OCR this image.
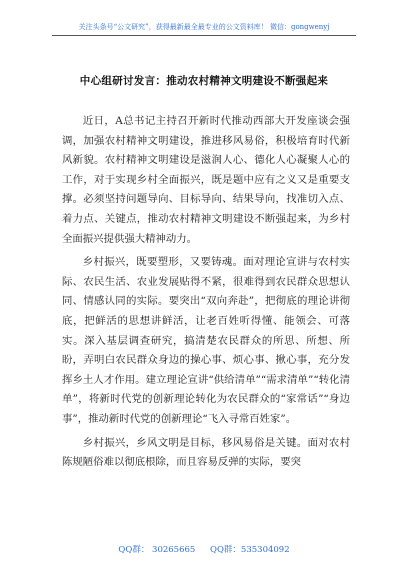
关注头条号“公文研究”，获得最新最全最专业的公文资料库！ 微信：gongwenyj
中心组研讨发言：推动农村精神文明建设不断强起来

近日，A总书记主持召开新时代推动西部大开发座谈会强调，加强农村精神文明建设，推进移风易俗，积极培育时代新风新貌。农村精神文明建设是滋润人心、德化人心凝聚人心的工作，对于实现乡村全面振兴，既是题中应有之义又是重要支撑。必须坚持问题导向、目标导向、结果导向，找准切入点、着力点、关键点，推动农村精神文明建设不断强起来，为乡村全面振兴提供强大精神动力。

乡村振兴，既要塑形，又要铸魂。面对理论宣讲与农村实际、农民生活、农业发展贴得不紧，很难得到农民群众思想认同、情感认同的实际。要突出“双向奔赴”，把彻底的理论讲彻底，把鲜活的思想讲鲜活，让老百姓听得懂、能领会、可落实。深入基层调查研究，搞清楚农民群众的所思、所想、所盼，弄明白农民群众身边的操心事、烦心事、揪心事，充分发挥乡土人才作用。建立理论宣讲“供给清单”“需求清单”“转化清单”，将新时代党的创新理论转化为农民群众的“家常话”“身边事”，推动新时代党的创新理论“飞入寻常百姓家”。

乡村振兴，乡风文明是目标，移风易俗是关键。面对农村陈规陋俗难以彻底根除，而且容易反弹的实际，要突

QQ群： 30265665 QQ群：535304092
